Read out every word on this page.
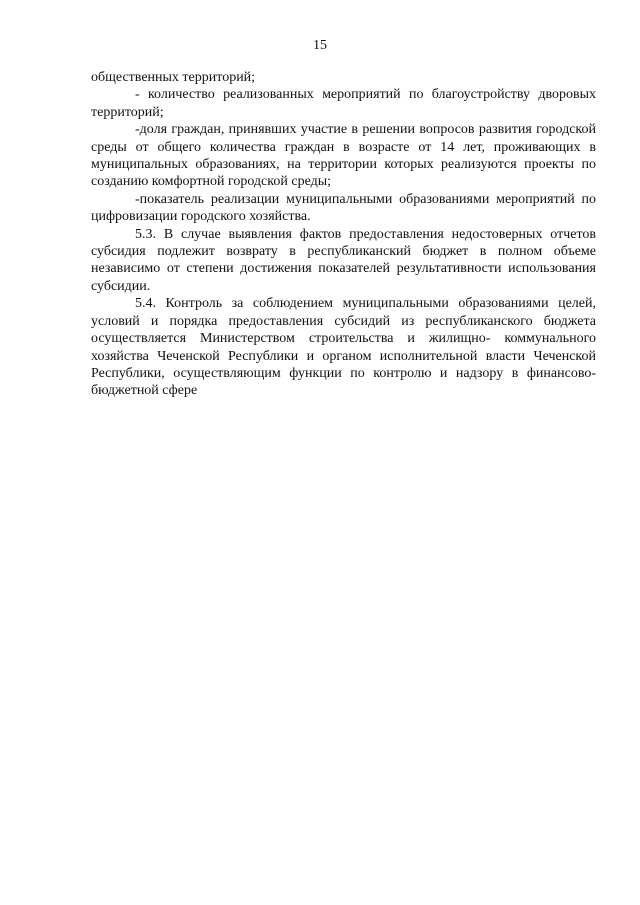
15

общественных территорий;

- количество реализованных мероприятий по благоустройству дворовых территорий;

-доля граждан, принявших участие в решении вопросов развития городской среды от общего количества граждан в возрасте от 14 лет, проживающих в муниципальных образованиях, на территории которых реализуются проекты по созданию комфортной городской среды;

-показатель реализации муниципальными образованиями мероприятий по цифровизации городского хозяйства.

5.3. В случае выявления фактов предоставления недостоверных отчетов субсидия подлежит возврату в республиканский бюджет в полном объеме независимо от степени достижения показателей результативности использования субсидии.

5.4. Контроль за соблюдением муниципальными образованиями целей, условий и порядка предоставления субсидий из республиканского бюджета осуществляется Министерством строительства и жилищно- коммунального хозяйства Чеченской Республики и органом исполнительной власти Чеченской Республики, осуществляющим функции по контролю и надзору в финансово-бюджетной сфере
